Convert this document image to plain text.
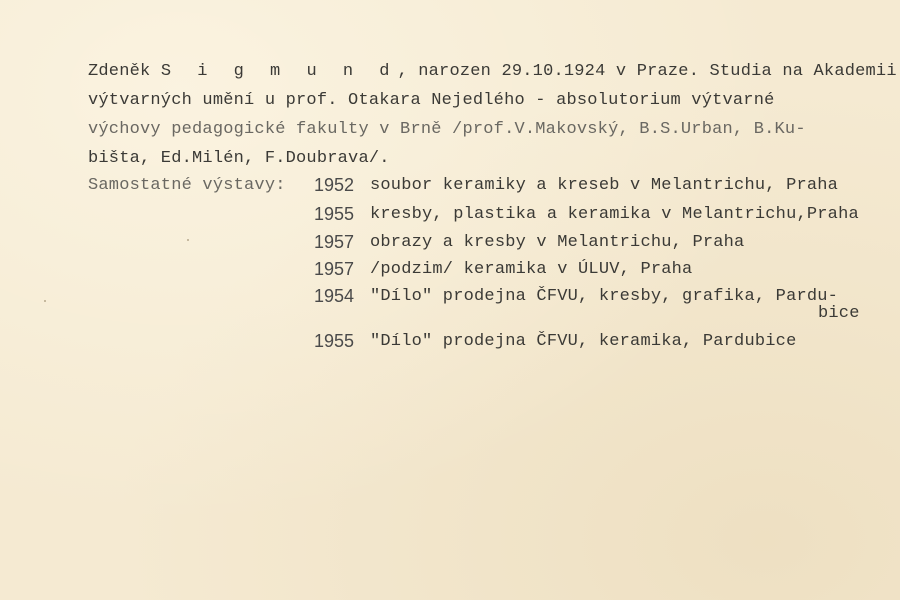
Zdeněk S i g m u n d, narozen 29.10.1924 v Praze. Studia na Akademii

výtvarných umění u prof. Otakara Nejedlého - absolutorium výtvarné

výchovy pedagogické fakulty v Brně /prof.V.Makovský, B.S.Urban, B.Ku-

bišta, Ed.Milén, F.Doubrava/.

Samostatné výstavy: 1952 soubor keramiky a kreseb v Melantrichu, Praha
1955 kresby, plastika a keramika v Melantrichu,Praha
1957 obrazy a kresby v Melantrichu, Praha
1957 /podzim/ keramika v ÚLUV, Praha
1954 "Dílo" prodejna ČFVU, kresby, grafika, Pardu-
bice
1955 "Dílo" prodejna ČFVU, keramika, Pardubice
